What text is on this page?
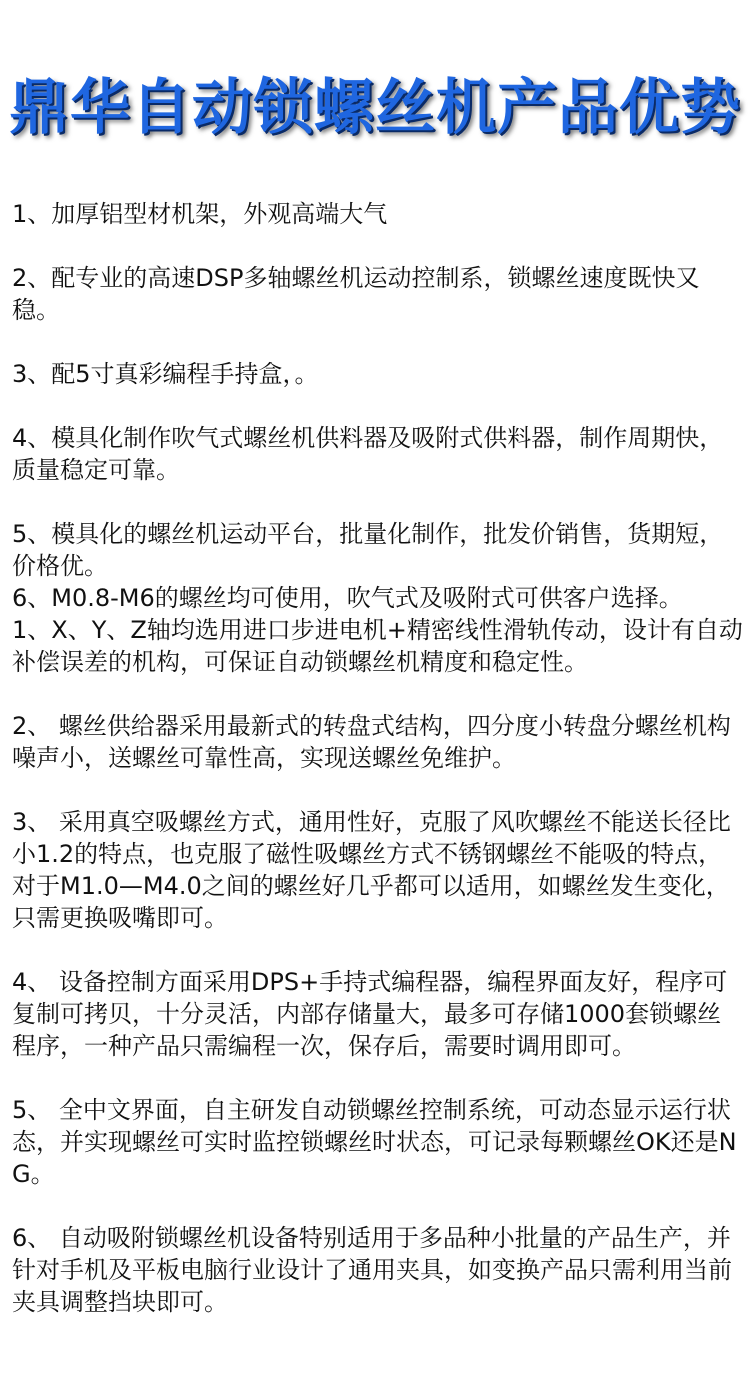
鼎华自动锁螺丝机产品优势

1、加厚铝型材机架，外观高端大气

2、配专业的高速DSP多轴螺丝机运动控制系，锁螺丝速度既快又稳。

3、配5寸真彩编程手持盒，。

4、模具化制作吹气式螺丝机供料器及吸附式供料器，制作周期快，质量稳定可靠。

5、模具化的螺丝机运动平台，批量化制作，批发价销售，货期短，价格优。

6、M0.8-M6的螺丝均可使用，吹气式及吸附式可供客户选择。

1、X、Y、Z轴均选用进口步进电机+精密线性滑轨传动，设计有自动补偿误差的机构，可保证自动锁螺丝机精度和稳定性。

2、 螺丝供给器采用最新式的转盘式结构，四分度小转盘分螺丝机构噪声小，送螺丝可靠性高，实现送螺丝免维护。

3、 采用真空吸螺丝方式，通用性好，克服了风吹螺丝不能送长径比小1.2的特点，也克服了磁性吸螺丝方式不锈钢螺丝不能吸的特点，对于M1.0—M4.0之间的螺丝好几乎都可以适用，如螺丝发生变化，只需更换吸嘴即可。

4、 设备控制方面采用DPS+手持式编程器，编程界面友好，程序可复制可拷贝，十分灵活，内部存储量大，最多可存储1000套锁螺丝程序，一种产品只需编程一次，保存后，需要时调用即可。

5、 全中文界面，自主研发自动锁螺丝控制系统，可动态显示运行状态，并实现螺丝可实时监控锁螺丝时状态，可记录每颗螺丝OK还是NG。

6、 自动吸附锁螺丝机设备特别适用于多品种小批量的产品生产，并针对手机及平板电脑行业设计了通用夹具，如变换产品只需利用当前夹具调整挡块即可。
